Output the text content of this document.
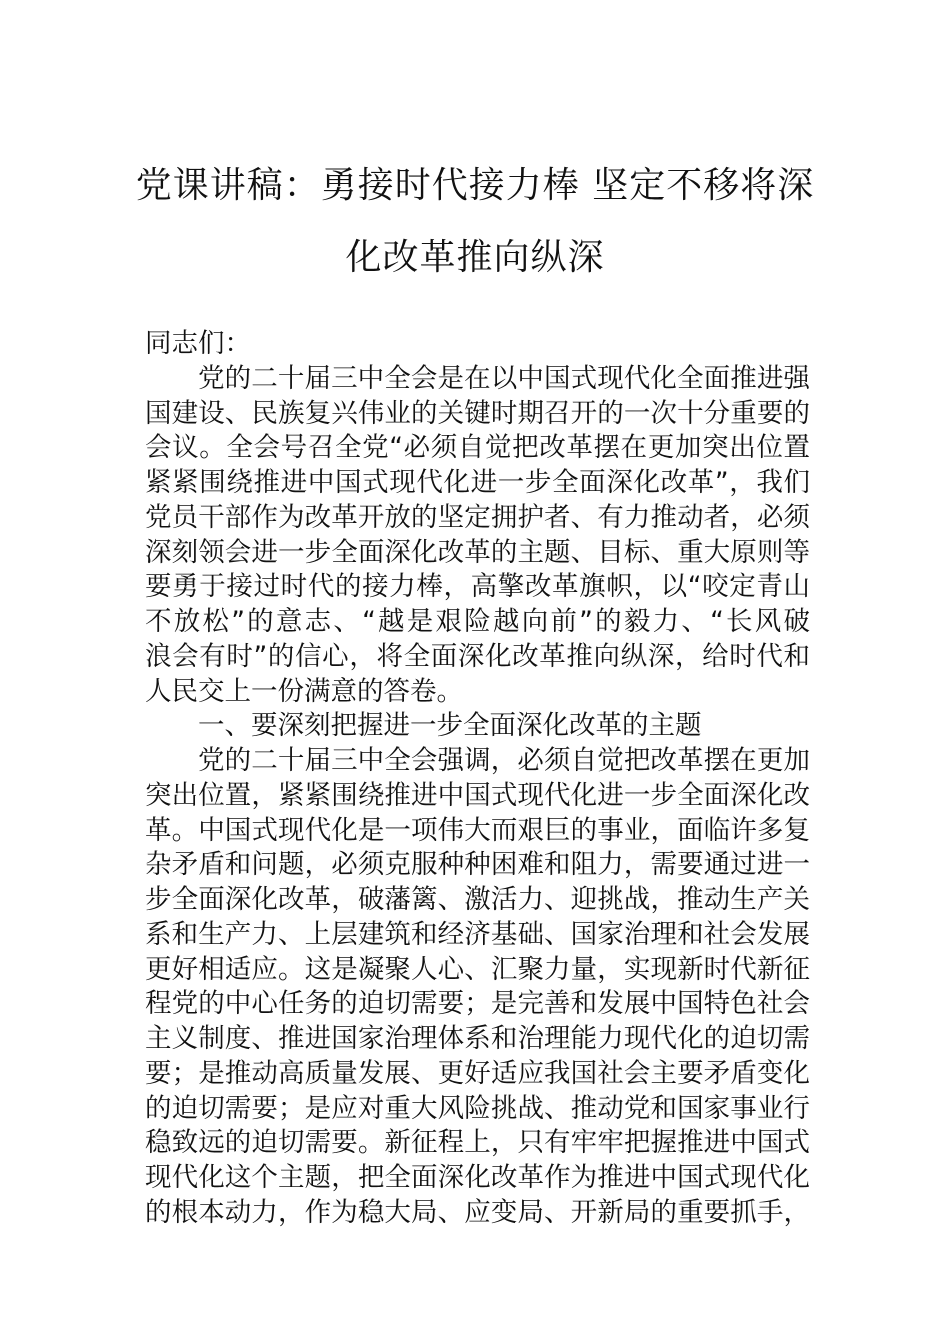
党课讲稿：勇接时代接力棒 坚定不移将深
化改革推向纵深
同志们：
党的二十届三中全会是在以中国式现代化全面推进强
国建设、民族复兴伟业的关键时期召开的一次十分重要的
会议。全会号召全党“必须自觉把改革摆在更加突出位置
紧紧围绕推进中国式现代化进一步全面深化改革”，我们
党员干部作为改革开放的坚定拥护者、有力推动者，必须
深刻领会进一步全面深化改革的主题、目标、重大原则等
要勇于接过时代的接力棒，高擎改革旗帜，以“咬定青山
不放松”的意志、“越是艰险越向前”的毅力、“长风破
浪会有时”的信心，将全面深化改革推向纵深，给时代和
人民交上一份满意的答卷。
一、要深刻把握进一步全面深化改革的主题
党的二十届三中全会强调，必须自觉把改革摆在更加
突出位置，紧紧围绕推进中国式现代化进一步全面深化改
革。中国式现代化是一项伟大而艰巨的事业，面临许多复
杂矛盾和问题，必须克服种种困难和阻力，需要通过进一
步全面深化改革，破藩篱、激活力、迎挑战，推动生产关
系和生产力、上层建筑和经济基础、国家治理和社会发展
更好相适应。这是凝聚人心、汇聚力量，实现新时代新征
程党的中心任务的迫切需要；是完善和发展中国特色社会
主义制度、推进国家治理体系和治理能力现代化的迫切需
要；是推动高质量发展、更好适应我国社会主要矛盾变化
的迫切需要；是应对重大风险挑战、推动党和国家事业行
稳致远的迫切需要。新征程上，只有牢牢把握推进中国式
现代化这个主题，把全面深化改革作为推进中国式现代化
的根本动力，作为稳大局、应变局、开新局的重要抓手，
